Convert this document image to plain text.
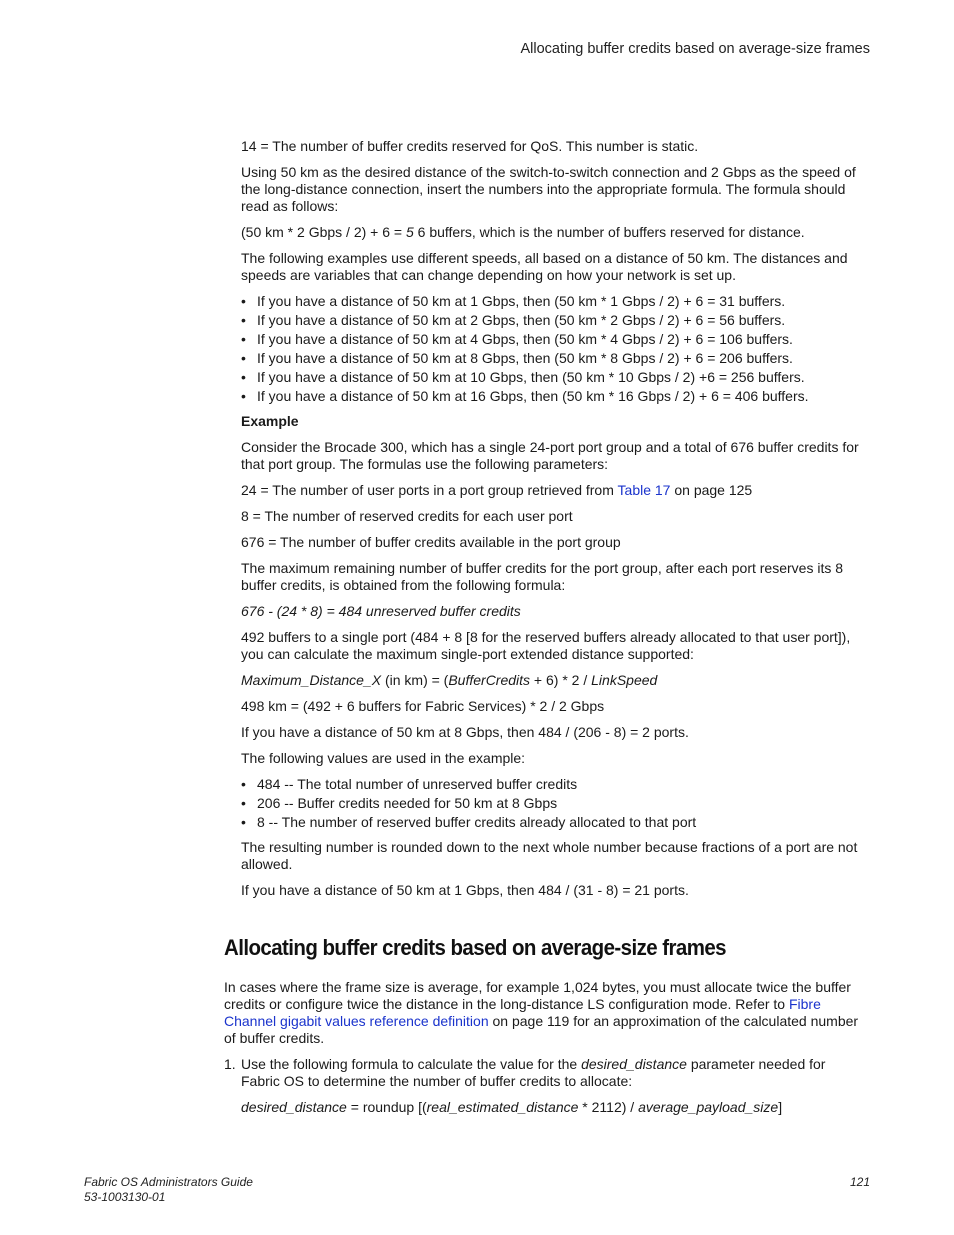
Allocating buffer credits based on average-size frames

14 = The number of buffer credits reserved for QoS. This number is static.

Using 50 km as the desired distance of the switch-to-switch connection and 2 Gbps as the speed of the long-distance connection, insert the numbers into the appropriate formula. The formula should read as follows:

(50 km * 2 Gbps / 2) + 6 = 5 6 buffers, which is the number of buffers reserved for distance.

The following examples use different speeds, all based on a distance of 50 km. The distances and speeds are variables that can change depending on how your network is set up.

• If you have a distance of 50 km at 1 Gbps, then (50 km * 1 Gbps / 2) + 6 = 31 buffers.
• If you have a distance of 50 km at 2 Gbps, then (50 km * 2 Gbps / 2) + 6 = 56 buffers.
• If you have a distance of 50 km at 4 Gbps, then (50 km * 4 Gbps / 2) + 6 = 106 buffers.
• If you have a distance of 50 km at 8 Gbps, then (50 km * 8 Gbps / 2) + 6 = 206 buffers.
• If you have a distance of 50 km at 10 Gbps, then (50 km * 10 Gbps / 2) +6 = 256 buffers.
• If you have a distance of 50 km at 16 Gbps, then (50 km * 16 Gbps / 2) + 6 = 406 buffers.

Example

Consider the Brocade 300, which has a single 24-port port group and a total of 676 buffer credits for that port group. The formulas use the following parameters:

24 = The number of user ports in a port group retrieved from Table 17 on page 125

8 = The number of reserved credits for each user port

676 = The number of buffer credits available in the port group

The maximum remaining number of buffer credits for the port group, after each port reserves its 8 buffer credits, is obtained from the following formula:

676 - (24 * 8) = 484 unreserved buffer credits

492 buffers to a single port (484 + 8 [8 for the reserved buffers already allocated to that user port]), you can calculate the maximum single-port extended distance supported:

Maximum_Distance_X (in km) = (BufferCredits + 6) * 2 / LinkSpeed

498 km = (492 + 6 buffers for Fabric Services) * 2 / 2 Gbps

If you have a distance of 50 km at 8 Gbps, then 484 / (206 - 8) = 2 ports.

The following values are used in the example:

• 484 -- The total number of unreserved buffer credits
• 206 -- Buffer credits needed for 50 km at 8 Gbps
• 8 -- The number of reserved buffer credits already allocated to that port

The resulting number is rounded down to the next whole number because fractions of a port are not allowed.

If you have a distance of 50 km at 1 Gbps, then 484 / (31 - 8) = 21 ports.

Allocating buffer credits based on average-size frames

In cases where the frame size is average, for example 1,024 bytes, you must allocate twice the buffer credits or configure twice the distance in the long-distance LS configuration mode. Refer to Fibre Channel gigabit values reference definition on page 119 for an approximation of the calculated number of buffer credits.

1. Use the following formula to calculate the value for the desired_distance parameter needed for Fabric OS to determine the number of buffer credits to allocate:

desired_distance = roundup [(real_estimated_distance * 2112) / average_payload_size]

Fabric OS Administrators Guide
53-1003130-01
121
